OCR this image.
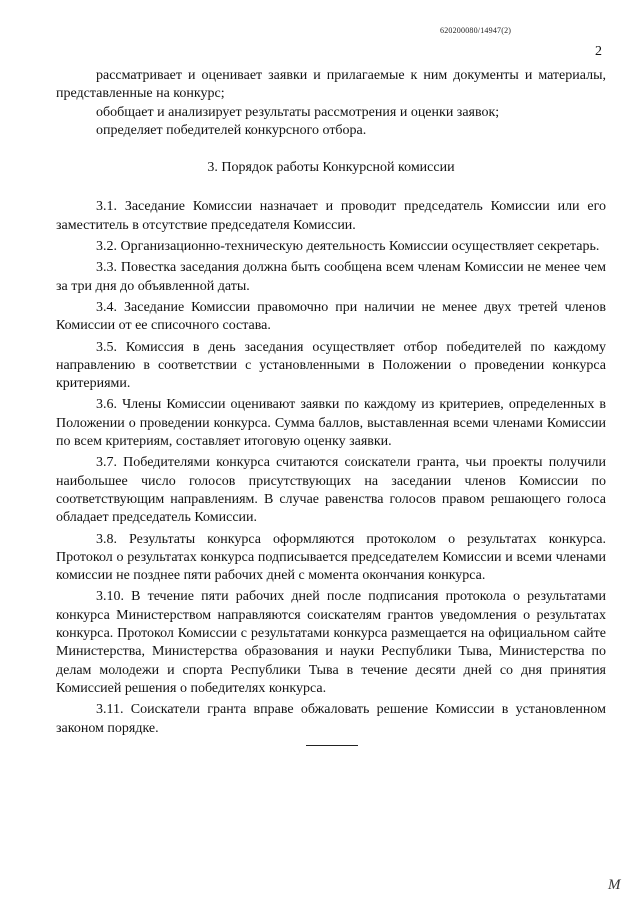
620200080/14947(2)
2

рассматривает и оценивает заявки и прилагаемые к ним документы и материалы, представленные на конкурс;

обобщает и анализирует результаты рассмотрения и оценки заявок;

определяет победителей конкурсного отбора.

3. Порядок работы Конкурсной комиссии

3.1. Заседание Комиссии назначает и проводит председатель Комиссии или его заместитель в отсутствие председателя Комиссии.

3.2. Организационно-техническую деятельность Комиссии осуществляет секретарь.

3.3. Повестка заседания должна быть сообщена всем членам Комиссии не менее чем за три дня до объявленной даты.

3.4. Заседание Комиссии правомочно при наличии не менее двух третей членов Комиссии от ее списочного состава.

3.5. Комиссия в день заседания осуществляет отбор победителей по каждому направлению в соответствии с установленными в Положении о проведении конкурса критериями.

3.6. Члены Комиссии оценивают заявки по каждому из критериев, определенных в Положении о проведении конкурса. Сумма баллов, выставленная всеми членами Комиссии по всем критериям, составляет итоговую оценку заявки.

3.7. Победителями конкурса считаются соискатели гранта, чьи проекты получили наибольшее число голосов присутствующих на заседании членов Комиссии по соответствующим направлениям. В случае равенства голосов правом решающего голоса обладает председатель Комиссии.

3.8. Результаты конкурса оформляются протоколом о результатах конкурса. Протокол о результатах конкурса подписывается председателем Комиссии и всеми членами комиссии не позднее пяти рабочих дней с момента окончания конкурса.

3.10. В течение пяти рабочих дней после подписания протокола о результатами конкурса Министерством направляются соискателям грантов уведомления о результатах конкурса. Протокол Комиссии с результатами конкурса размещается на официальном сайте Министерства, Министерства образования и науки Республики Тыва, Министерства по делам молодежи и спорта Республики Тыва в течение десяти дней со дня принятия Комиссией решения о победителях конкурса.

3.11. Соискатели гранта вправе обжаловать решение Комиссии в установленном законом порядке.

M
